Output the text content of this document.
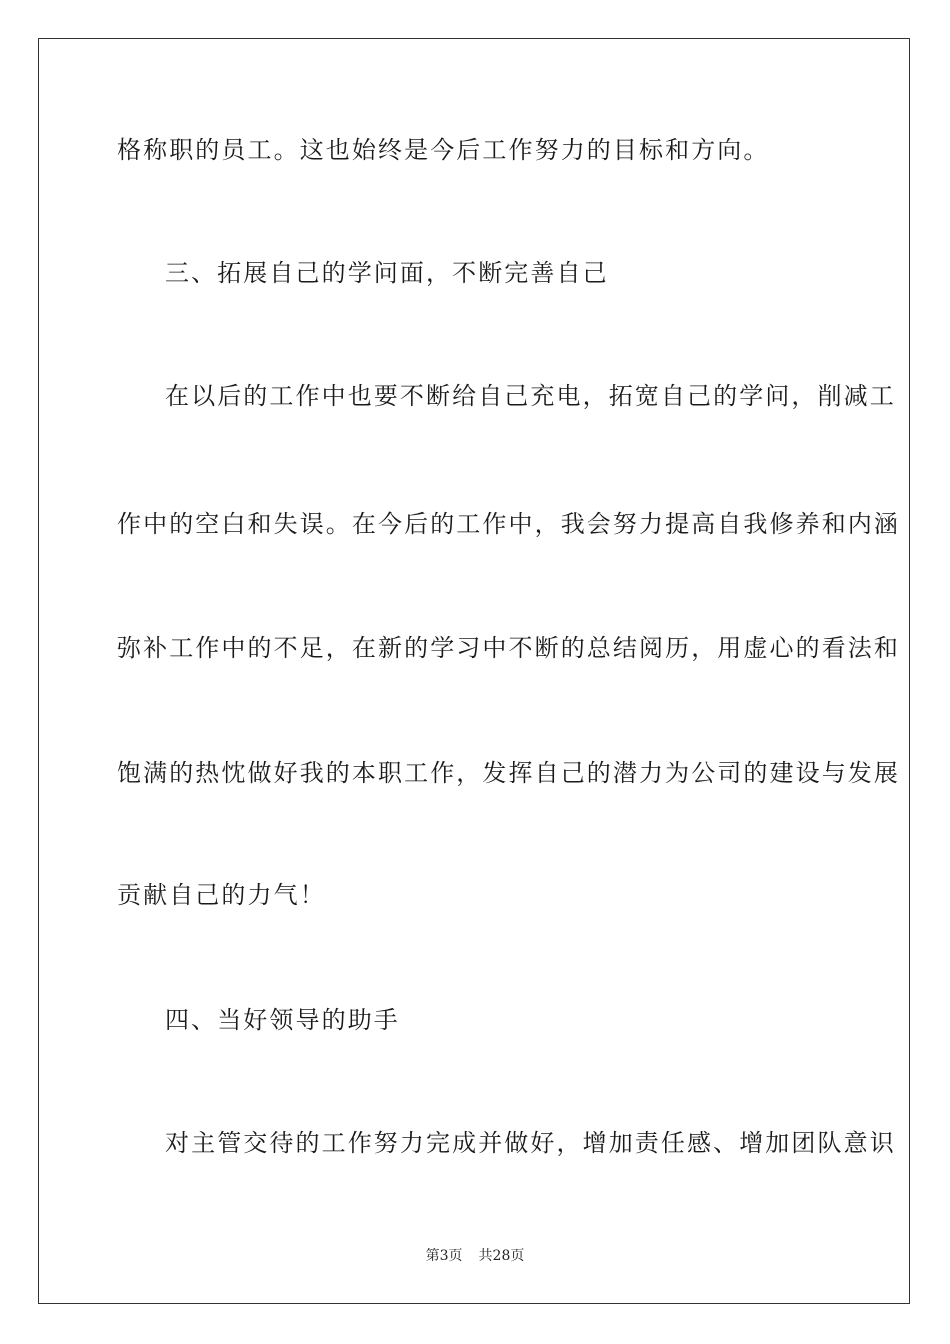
格称职的员工。这也始终是今后工作努力的目标和方向。
三、拓展自己的学问面，不断完善自己
在以后的工作中也要不断给自己充电，拓宽自己的学问，削减工
作中的空白和失误。在今后的工作中，我会努力提高自我修养和内涵
弥补工作中的不足，在新的学习中不断的总结阅历，用虚心的看法和
饱满的热忱做好我的本职工作，发挥自己的潜力为公司的建设与发展
贡献自己的力气！
四、当好领导的助手
对主管交待的工作努力完成并做好，增加责任感、增加团队意识
第3页 共28页
